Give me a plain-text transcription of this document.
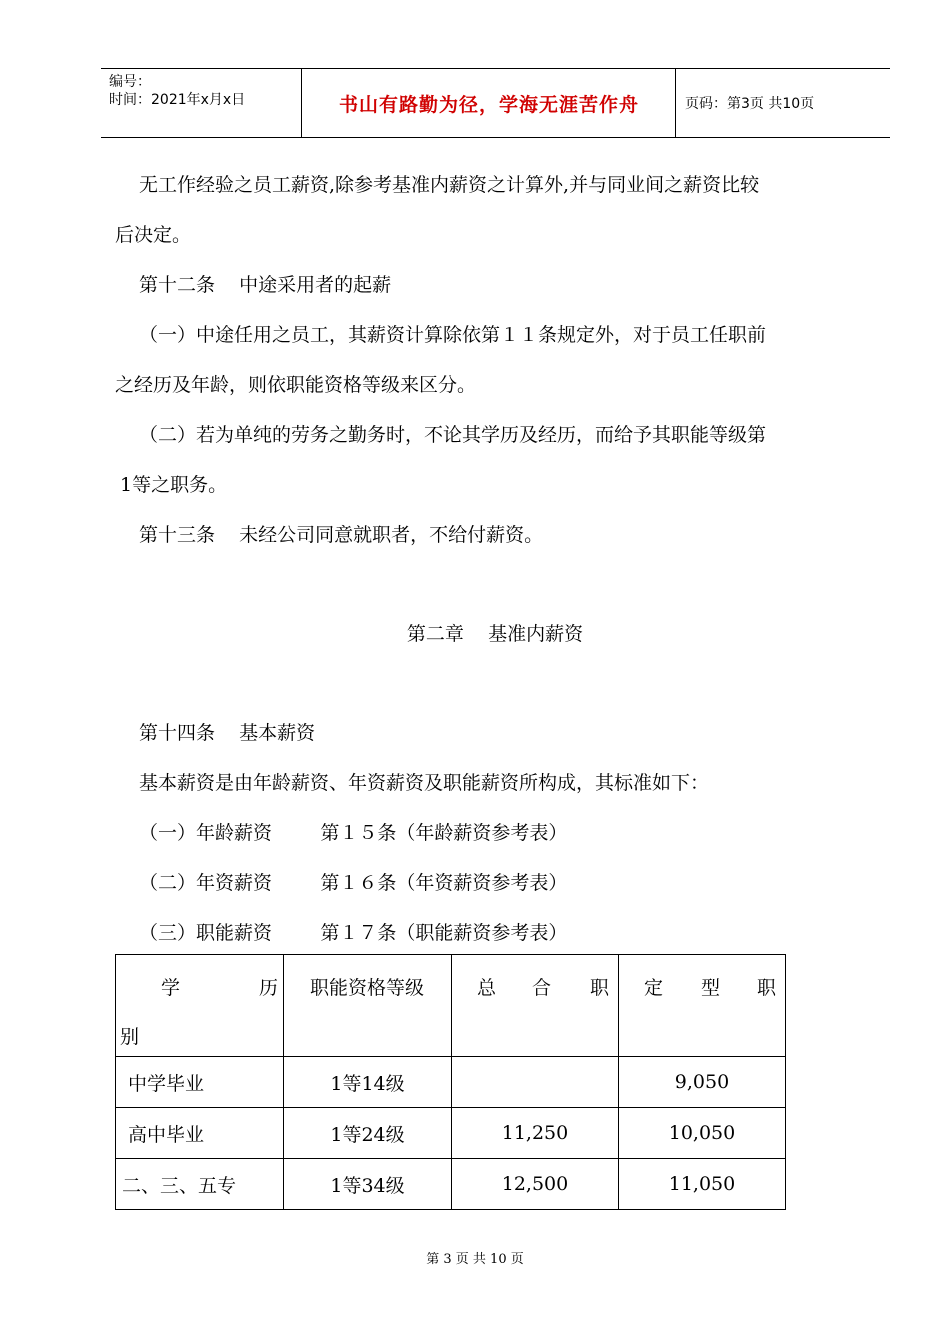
编号：
时间：2021年x月x日	书山有路勤为径，学海无涯苦作舟	页码：第3页 共10页
无工作经验之员工薪资,除参考基准内薪资之计算外,并与同业间之薪资比较
后决定。
第十二条    中途采用者的起薪
（一）中途任用之员工，其薪资计算除依第１１条规定外，对于员工任职前
之经历及年龄，则依职能资格等级来区分。
（二）若为单纯的劳务之勤务时，不论其学历及经历，而给予其职能等级第
1等之职务。
第十三条    未经公司同意就职者，不给付薪资。
第二章    基准内薪资
第十四条    基本薪资
基本薪资是由年龄薪资、年资薪资及职能薪资所构成，其标准如下：
（一）年龄薪资        第１５条（年龄薪资参考表）
（二）年资薪资        第１６条（年资薪资参考表）
（三）职能薪资        第１７条（职能薪资参考表）
学 历
别	职能资格等级	总 合 职	定 型 职

中学毕业	1等14级		9,050
高中毕业	1等24级	11,250	10,050
二、三、五专	1等34级	12,500	11,050
第 3 页 共 10 页
